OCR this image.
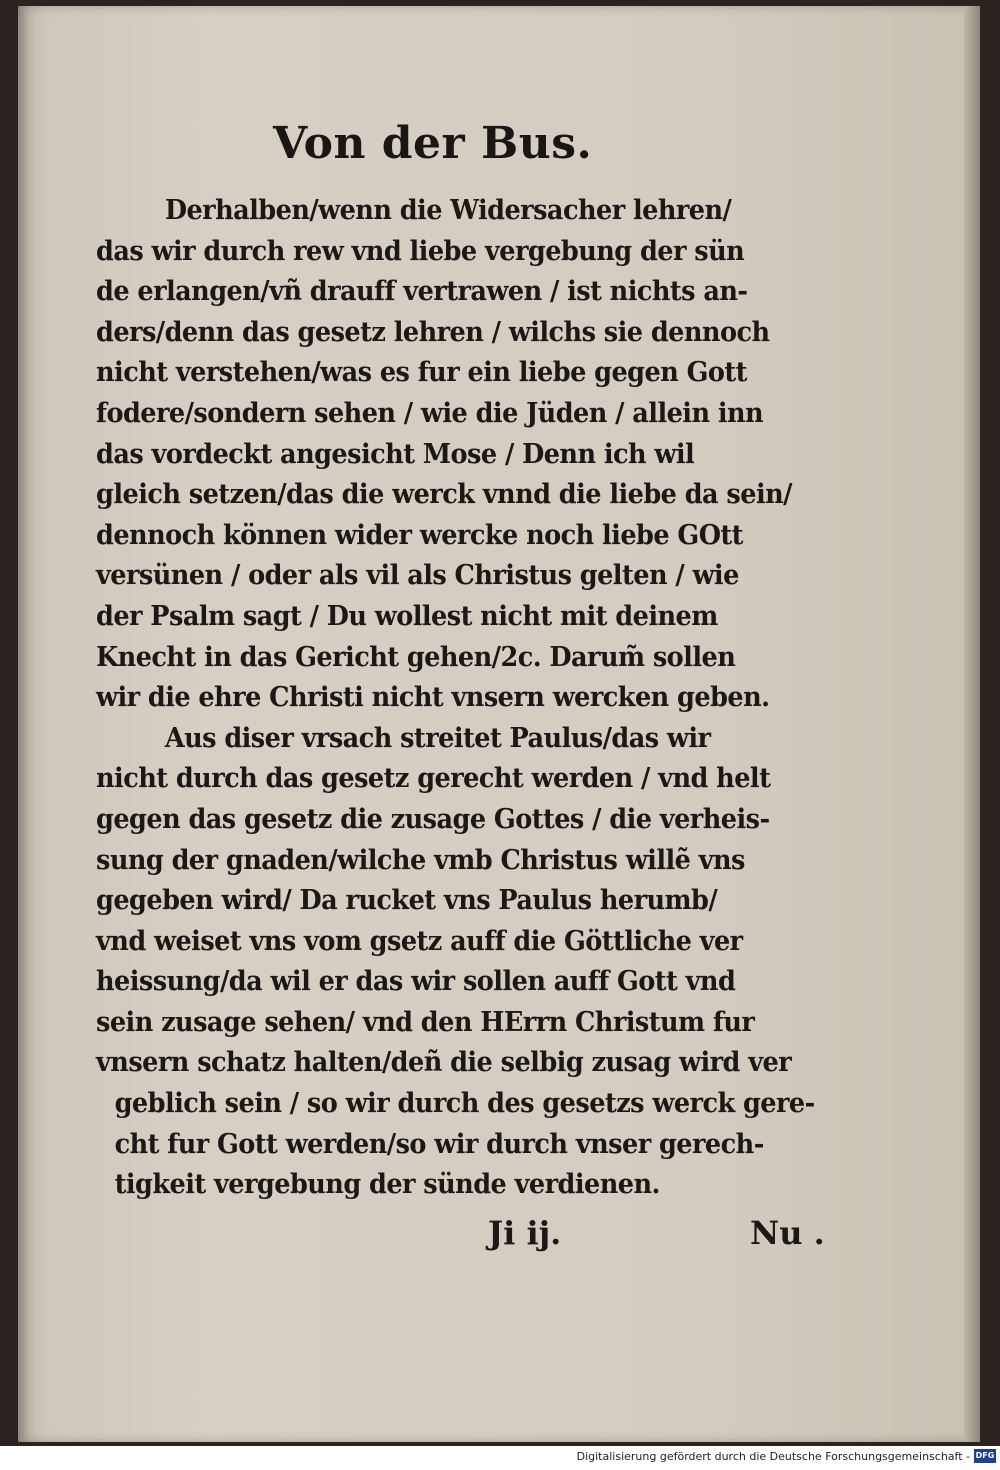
Von der Bus.
Derhalben/wenn die Widersacher lehren/
das wir durch rew vnd liebe vergebung der sün
de erlangen/vñ drauff vertrawen / ist nichts an-
ders/denn das gesetz lehren / wilchs sie dennoch
nicht verstehen/was es fur ein liebe gegen Gott
fodere/sondern sehen / wie die Jüden / allein inn
das vordeckt angesicht Mose / Denn ich wil
gleich setzen/das die werck vnnd die liebe da sein/
dennoch können wider wercke noch liebe GOtt
versünen / oder als vil als Christus gelten / wie
der Psalm sagt / Du wollest nicht mit deinem
Knecht in das Gericht gehen/2c. Darum̃ sollen
wir die ehre Christi nicht vnsern wercken geben.
Aus diser vrsach streitet Paulus/das wir
nicht durch das gesetz gerecht werden / vnd helt
gegen das gesetz die zusage Gottes / die verheis-
sung der gnaden/wilche vmb Christus willẽ vns
gegeben wird/ Da rucket vns Paulus herumb/
vnd weiset vns vom gsetz auff die Göttliche ver
heissung/da wil er das wir sollen auff Gott vnd
sein zusage sehen/ vnd den HErrn Christum fur
vnsern schatz halten/deñ die selbig zusag wird ver
geblich sein / so wir durch des gesetzs werck gere-
cht fur Gott werden/so wir durch vnser gerech-
tigkeit vergebung der sünde verdienen.
Ji ij.	Nu .
Digitalisierung gefördert durch die Deutsche Forschungsgemeinschaft - DFG
